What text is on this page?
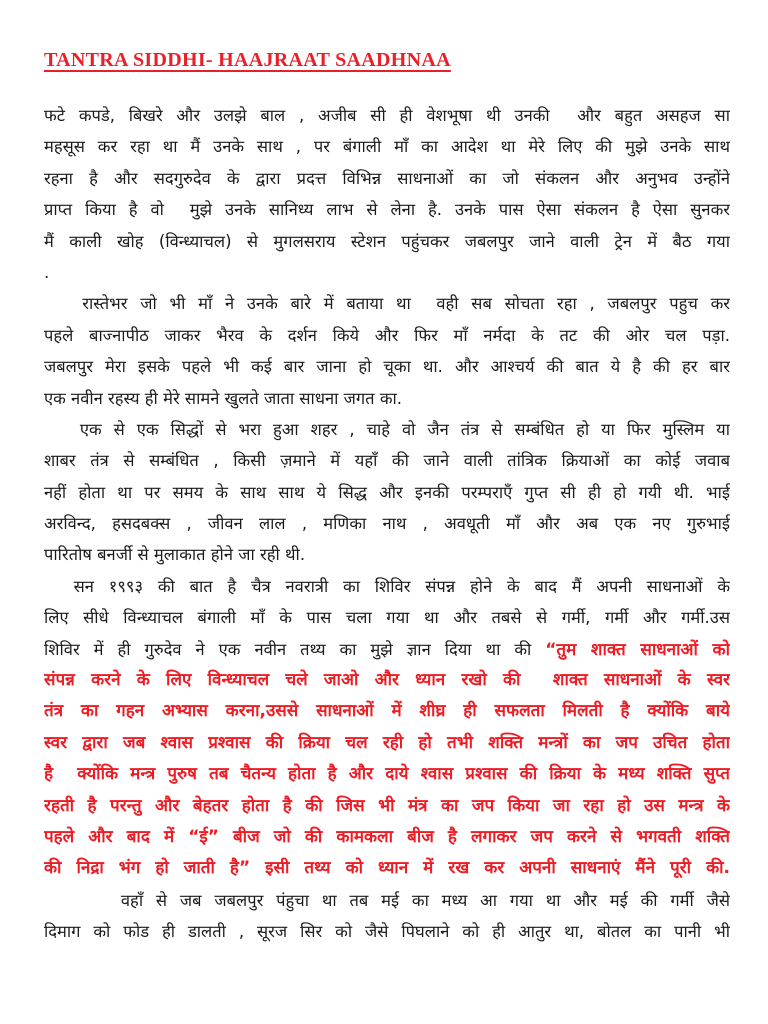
TANTRA SIDDHI- HAAJRAAT SAADHNAA
फटे कपडे, बिखरे और उलझे बाल , अजीब सी ही वेशभूषा थी उनकी  और बहुत असहज सा
महसूस कर रहा था मैं उनके साथ , पर बंगाली माँ का आदेश था मेरे लिए की मुझे उनके साथ
रहना है और सदगुरुदेव के द्वारा प्रदत्त विभिन्न साधनाओं का जो संकलन और अनुभव उन्होंने
प्राप्त किया है वो  मुझे उनके सानिध्य लाभ से लेना है. उनके पास ऐसा संकलन है ऐसा सुनकर
मैं काली खोह (विन्ध्याचल) से मुगलसराय स्टेशन पहुंचकर जबलपुर जाने वाली ट्रेन में बैठ गया
.
रास्तेभर जो भी माँ ने उनके बारे में बताया था  वही सब सोचता रहा , जबलपुर पहुच कर
पहले बाज्नापीठ जाकर भैरव के दर्शन किये और फिर माँ नर्मदा के तट की ओर चल पड़ा.
जबलपुर मेरा इसके पहले भी कई बार जाना हो चूका था. और आश्चर्य की बात ये है की हर बार
एक नवीन रहस्य ही मेरे सामने खुलते जाता साधना जगत का.
एक से एक सिद्धों से भरा हुआ शहर , चाहे वो जैन तंत्र से सम्बंधित हो या फिर मुस्लिम या
शाबर तंत्र से सम्बंधित , किसी ज़माने में यहाँ की जाने वाली तांत्रिक क्रियाओं का कोई जवाब
नहीं होता था पर समय के साथ साथ ये सिद्ध और इनकी परम्पराएँ गुप्त सी ही हो गयी थी. भाई
अरविन्द, हसदबक्स , जीवन लाल , मणिका नाथ , अवधूती माँ और अब एक नए गुरुभाई
पारितोष बनर्जी से मुलाकात होने जा रही थी.
सन १९९३ की बात है चैत्र नवरात्री का शिविर संपन्न होने के बाद मैं अपनी साधनाओं के
लिए सीधे विन्ध्याचल बंगाली माँ के पास चला गया था और तबसे से गर्मी, गर्मी और गर्मी.उस
शिविर में ही गुरुदेव ने एक नवीन तथ्य का मुझे ज्ञान दिया था की “तुम शाक्त साधनाओं को
संपन्न करने के लिए विन्ध्याचल चले जाओ और ध्यान रखो की  शाक्त साधनाओं के स्वर
तंत्र का गहन अभ्यास करना,उससे साधनाओं में शीघ्र ही सफलता मिलती है क्योंकि बाये
स्वर द्वारा जब श्वास प्रश्वास की क्रिया चल रही हो तभी शक्ति मन्त्रों का जप उचित होता
है  क्योंकि मन्त्र पुरुष तब चैतन्य होता है और दाये श्वास प्रश्वास की क्रिया के मध्य शक्ति सुप्त
रहती है परन्तु और बेहतर होता है की जिस भी मंत्र का जप किया जा रहा हो उस मन्त्र के
पहले और बाद में “ई” बीज जो की कामकला बीज है लगाकर जप करने से भगवती शक्ति
की निद्रा भंग हो जाती है” इसी तथ्य को ध्यान में रख कर अपनी साधनाएं मैंने पूरी की.
वहाँ से जब जबलपुर पंहुचा था तब मई का मध्य आ गया था और मई की गर्मी जैसे
दिमाग को फोड ही डालती , सूरज सिर को जैसे पिघलाने को ही आतुर था, बोतल का पानी भी
